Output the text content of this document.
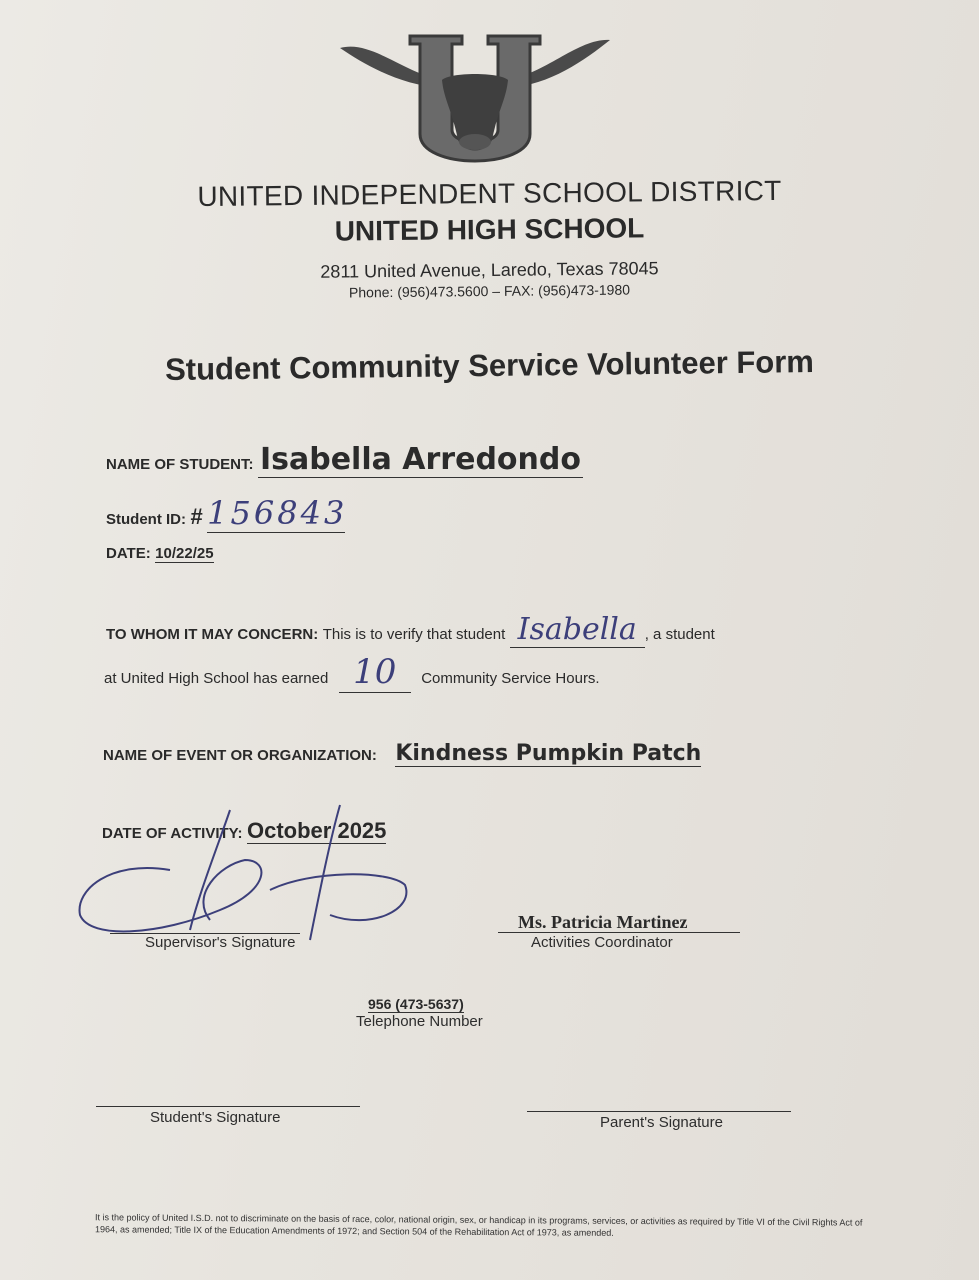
UNITED INDEPENDENT SCHOOL DISTRICT
UNITED HIGH SCHOOL
2811 United Avenue, Laredo, Texas 78045
Phone: (956)473.5600 – FAX: (956)473-1980
Student Community Service Volunteer Form
NAME OF STUDENT: Isabella Arredondo
Student ID: # 156843
DATE: 10/22/25
TO WHOM IT MAY CONCERN: This is to verify that student Isabella , a student
at United High School has earned 10 Community Service Hours.
NAME OF EVENT OR ORGANIZATION: Kindness Pumpkin Patch
DATE OF ACTIVITY: October 2025
Supervisor's Signature
Ms. Patricia Martinez
Activities Coordinator
956 (473-5637)
Telephone Number
Student's Signature	Parent's Signature
It is the policy of United I.S.D. not to discriminate on the basis of race, color, national origin, sex, or handicap in its programs, services, or activities as required by Title VI of the Civil Rights Act of 1964, as amended; Title IX of the Education Amendments of 1972; and Section 504 of the Rehabilitation Act of 1973, as amended.
